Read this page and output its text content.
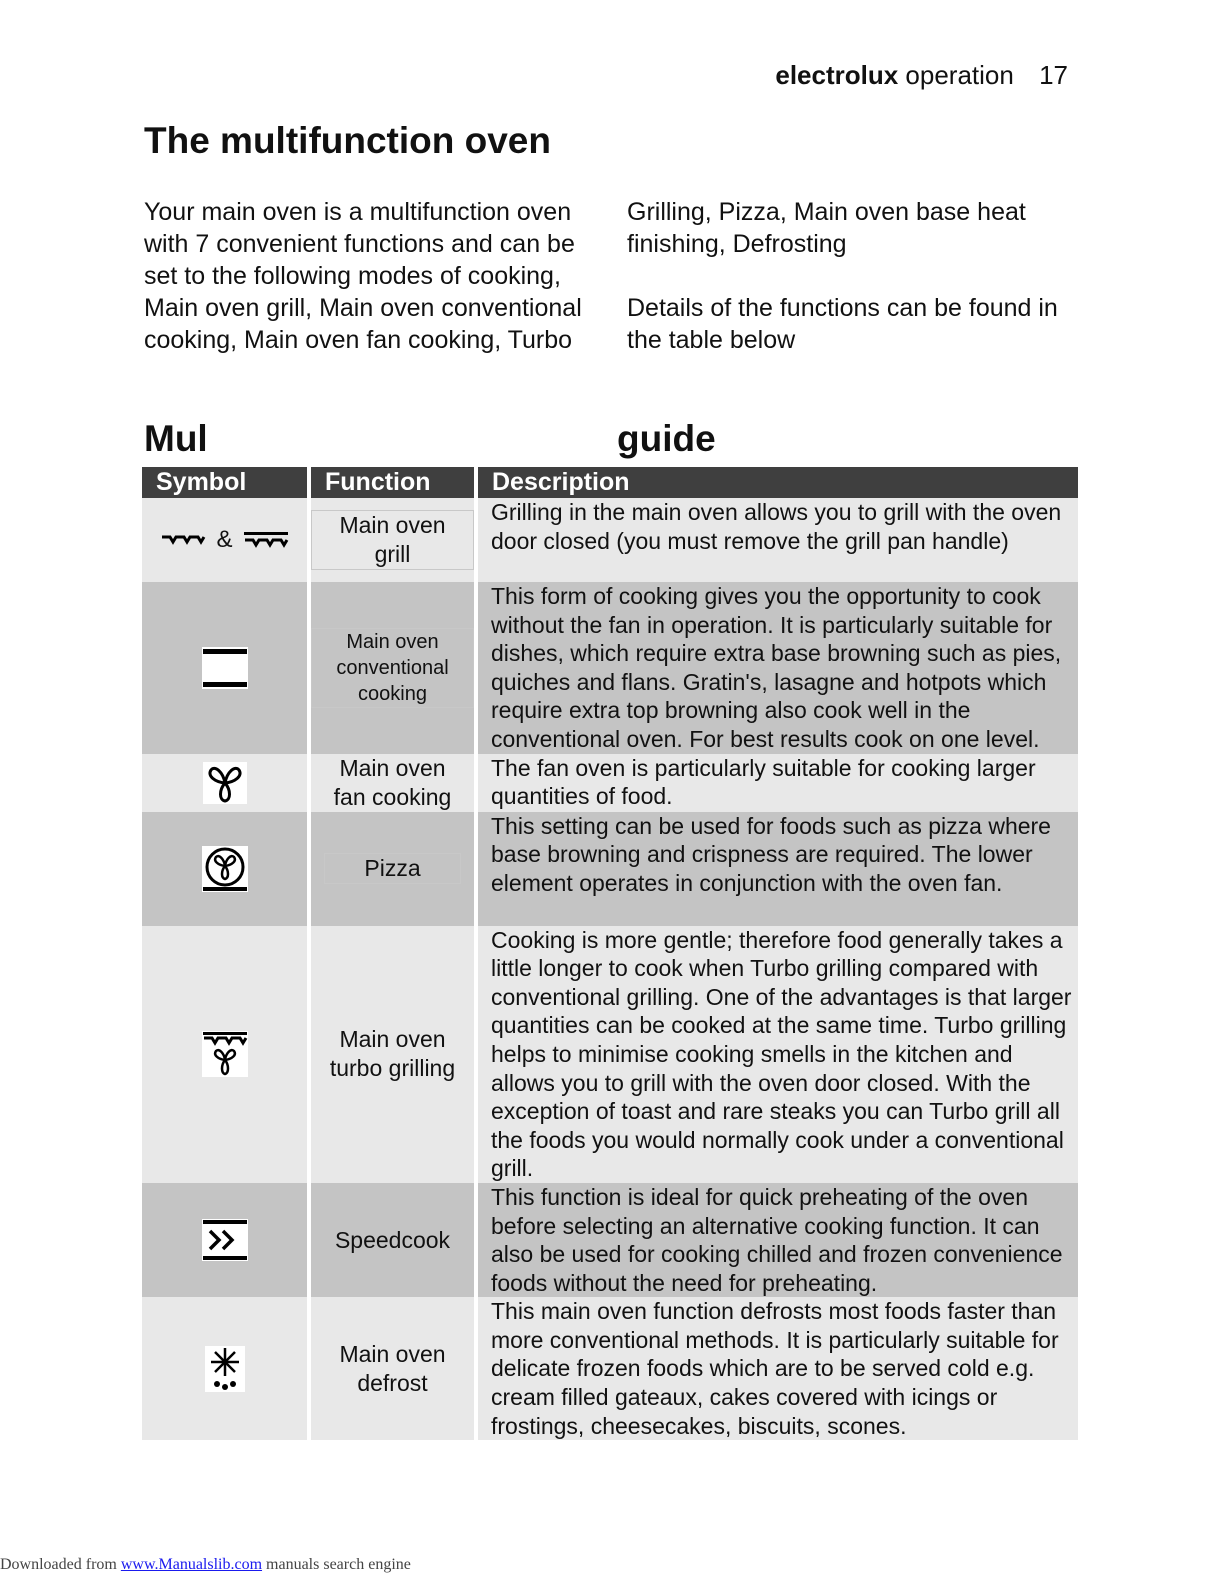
electrolux operation 17
The multifunction oven

Your main oven is a multifunction oven with 7 convenient functions and can be set to the following modes of cooking, Main oven grill, Main oven conventional cooking, Main oven fan cooking, Turbo

Grilling, Pizza, Main oven base heat finishing, Defrosting

Details of the functions can be found in the table below

Mul	guide
Symbol	Function	Description
&	Main oven grill	Grilling in the main oven allows you to grill with the oven door closed (you must remove the grill pan handle)
	Main oven conventional cooking	This form of cooking gives you the opportunity to cook without the fan in operation. It is particularly suitable for dishes, which require extra base browning such as pies, quiches and flans. Gratin's, lasagne and hotpots which require extra top browning also cook well in the conventional oven. For best results cook on one level.
	Main oven fan cooking	The fan oven is particularly suitable for cooking larger quantities of food.
	Pizza	This setting can be used for foods such as pizza where base browning and crispness are required. The lower element operates in conjunction with the oven fan.
	Main oven turbo grilling	Cooking is more gentle; therefore food generally takes a little longer to cook when Turbo grilling compared with conventional grilling. One of the advantages is that larger quantities can be cooked at the same time. Turbo grilling helps to minimise cooking smells in the kitchen and allows you to grill with the oven door closed. With the exception of toast and rare steaks you can Turbo grill all the foods you would normally cook under a conventional grill.
	Speedcook	This function is ideal for quick preheating of the oven before selecting an alternative cooking function. It can also be used for cooking chilled and frozen convenience foods without the need for preheating.
	Main oven defrost	This main oven function defrosts most foods faster than more conventional methods. It is particularly suitable for delicate frozen foods which are to be served cold e.g. cream filled gateaux, cakes covered with icings or frostings, cheesecakes, biscuits, scones.
Downloaded from www.Manualslib.com manuals search engine
